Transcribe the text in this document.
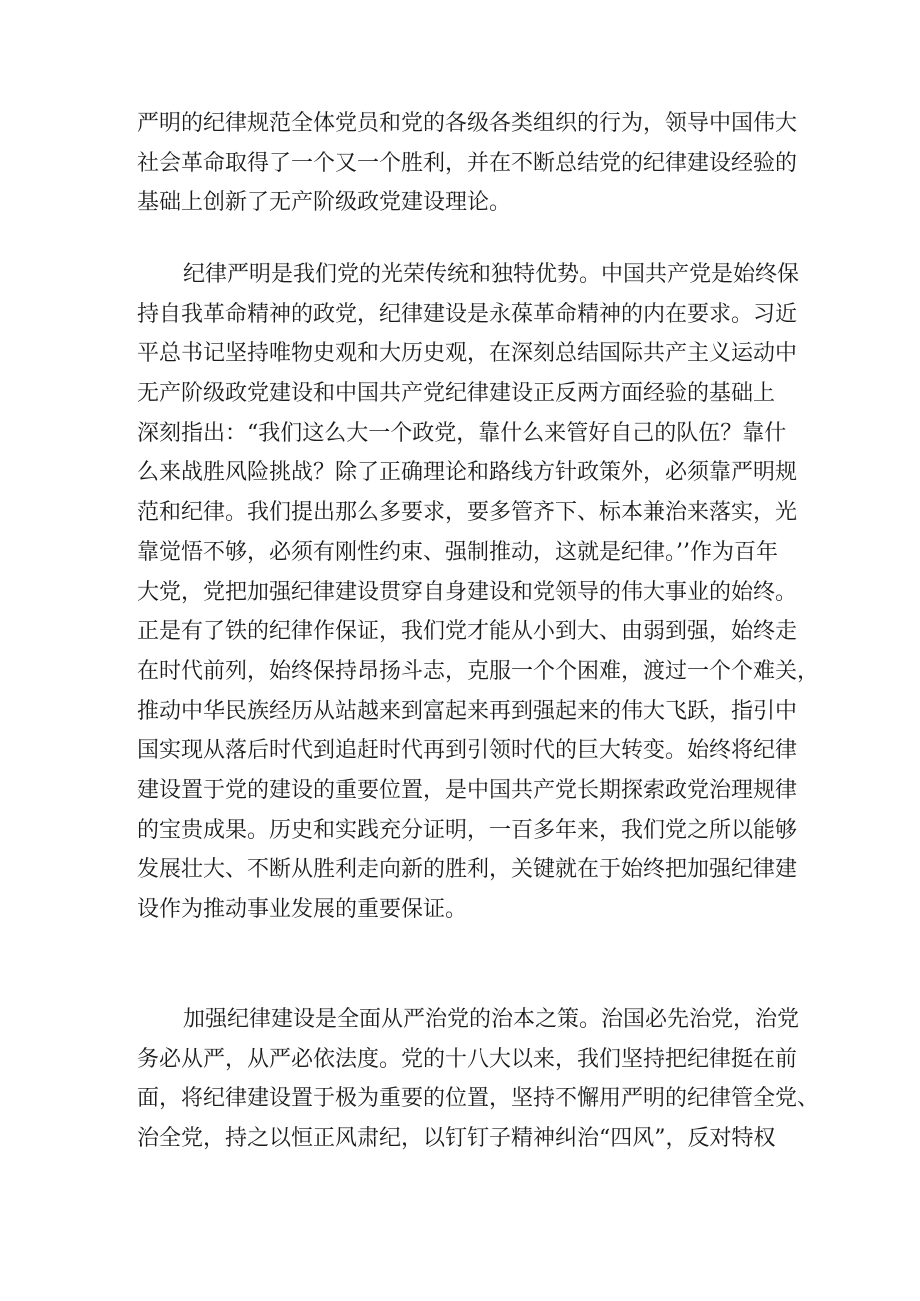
严明的纪律规范全体党员和党的各级各类组织的行为，领导中国伟大
社会革命取得了一个又一个胜利，并在不断总结党的纪律建设经验的
基础上创新了无产阶级政党建设理论。

纪律严明是我们党的光荣传统和独特优势。中国共产党是始终保
持自我革命精神的政党，纪律建设是永葆革命精神的内在要求。习近
平总书记坚持唯物史观和大历史观，在深刻总结国际共产主义运动中
无产阶级政党建设和中国共产党纪律建设正反两方面经验的基础上
深刻指出：“我们这么大一个政党，靠什么来管好自己的队伍？靠什
么来战胜风险挑战？除了正确理论和路线方针政策外，必须靠严明规
范和纪律。我们提出那么多要求，要多管齐下、标本兼治来落实，光
靠觉悟不够，必须有刚性约束、强制推动，这就是纪律。’’作为百年
大党，党把加强纪律建设贯穿自身建设和党领导的伟大事业的始终。
正是有了铁的纪律作保证，我们党才能从小到大、由弱到强，始终走
在时代前列，始终保持昂扬斗志，克服一个个困难，渡过一个个难关，
推动中华民族经历从站越来到富起来再到强起来的伟大飞跃，指引中
国实现从落后时代到追赶时代再到引领时代的巨大转变。始终将纪律
建设置于党的建设的重要位置，是中国共产党长期探索政党治理规律
的宝贵成果。历史和实践充分证明，一百多年来，我们党之所以能够
发展壮大、不断从胜利走向新的胜利，关键就在于始终把加强纪律建
设作为推动事业发展的重要保证。

加强纪律建设是全面从严治党的治本之策。治国必先治党，治党
务必从严，从严必依法度。党的十八大以来，我们坚持把纪律挺在前
面，将纪律建设置于极为重要的位置，坚持不懈用严明的纪律管全党、
治全党，持之以恒正风肃纪，以钉钉子精神纠治“四风”，反对特权
